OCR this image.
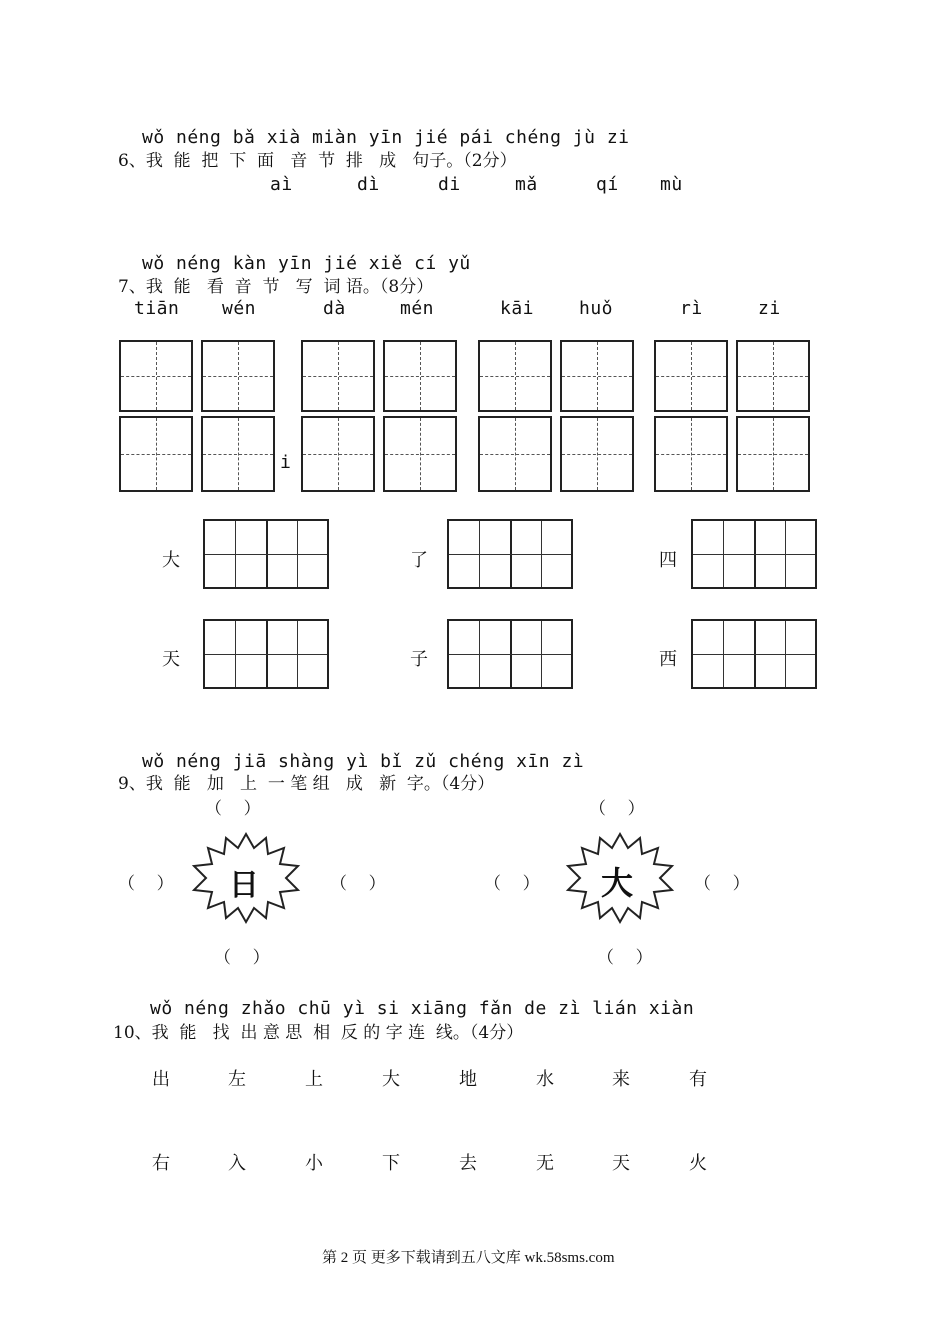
wǒ néng bǎ xià miàn yīn jié pái chéng jù zi
6、我  能  把  下  面   音  节  排   成   句子。（2分）
aì	dì	di	mǎ	qí mù
wǒ néng kàn yīn jié xiě cí yǔ
7、我  能   看  音  节   写  词 语。（8分）
tiān wén	dà	mén	kāi huǒ	rì	zi
i
大	了	四
天	子	西
wǒ néng jiā shàng yì bǐ zǔ chéng xīn zì
9、我  能   加   上  一 笔 组   成   新  字。（4分）
（    ）
（    ）	（    ）
（    ）
日
（    ）
（    ）	（    ）
（    ）
大
wǒ néng zhǎo chū yì si xiāng fǎn de zì lián xiàn
10、我  能   找  出 意 思  相  反 的 字 连  线。（4分）
出	左	上	大	地	水	来	有
右	入	小	下	去	无	天	火
第 2 页 更多下载请到五八文库 wk.58sms.com
